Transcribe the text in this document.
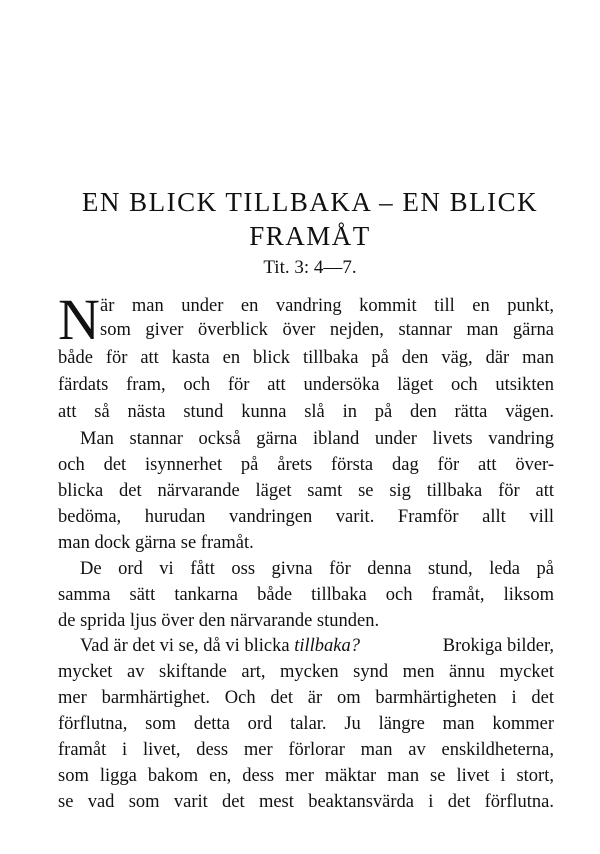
EN BLICK TILLBAKA – EN BLICK
FRAMÅT

Tit. 3: 4—7.

N är man under en vandring kommit till en punkt,
som giver överblick över nejden, stannar man gärna
både för att kasta en blick tillbaka på den väg, där man
färdats fram, och för att undersöka läget och utsikten
att så nästa stund kunna slå in på den rätta vägen.
Man stannar också gärna ibland under livets vandring
och det isynnerhet på årets första dag för att över-
blicka det närvarande läget samt se sig tillbaka för att
bedöma, hurudan vandringen varit. Framför allt vill
man dock gärna se framåt.
De ord vi fått oss givna för denna stund, leda på
samma sätt tankarna både tillbaka och framåt, liksom
de sprida ljus över den närvarande stunden.
Vad är det vi se, då vi blicka tillbaka?	Brokiga bilder,
mycket av skiftande art, mycken synd men ännu mycket
mer barmhärtighet. Och det är om barmhärtigheten i det
förflutna, som detta ord talar. Ju längre man kommer
framåt i livet, dess mer förlorar man av enskildheterna,
som ligga bakom en, dess mer mäktar man se livet i stort,
se vad som varit det mest beaktansvärda i det förflutna.
